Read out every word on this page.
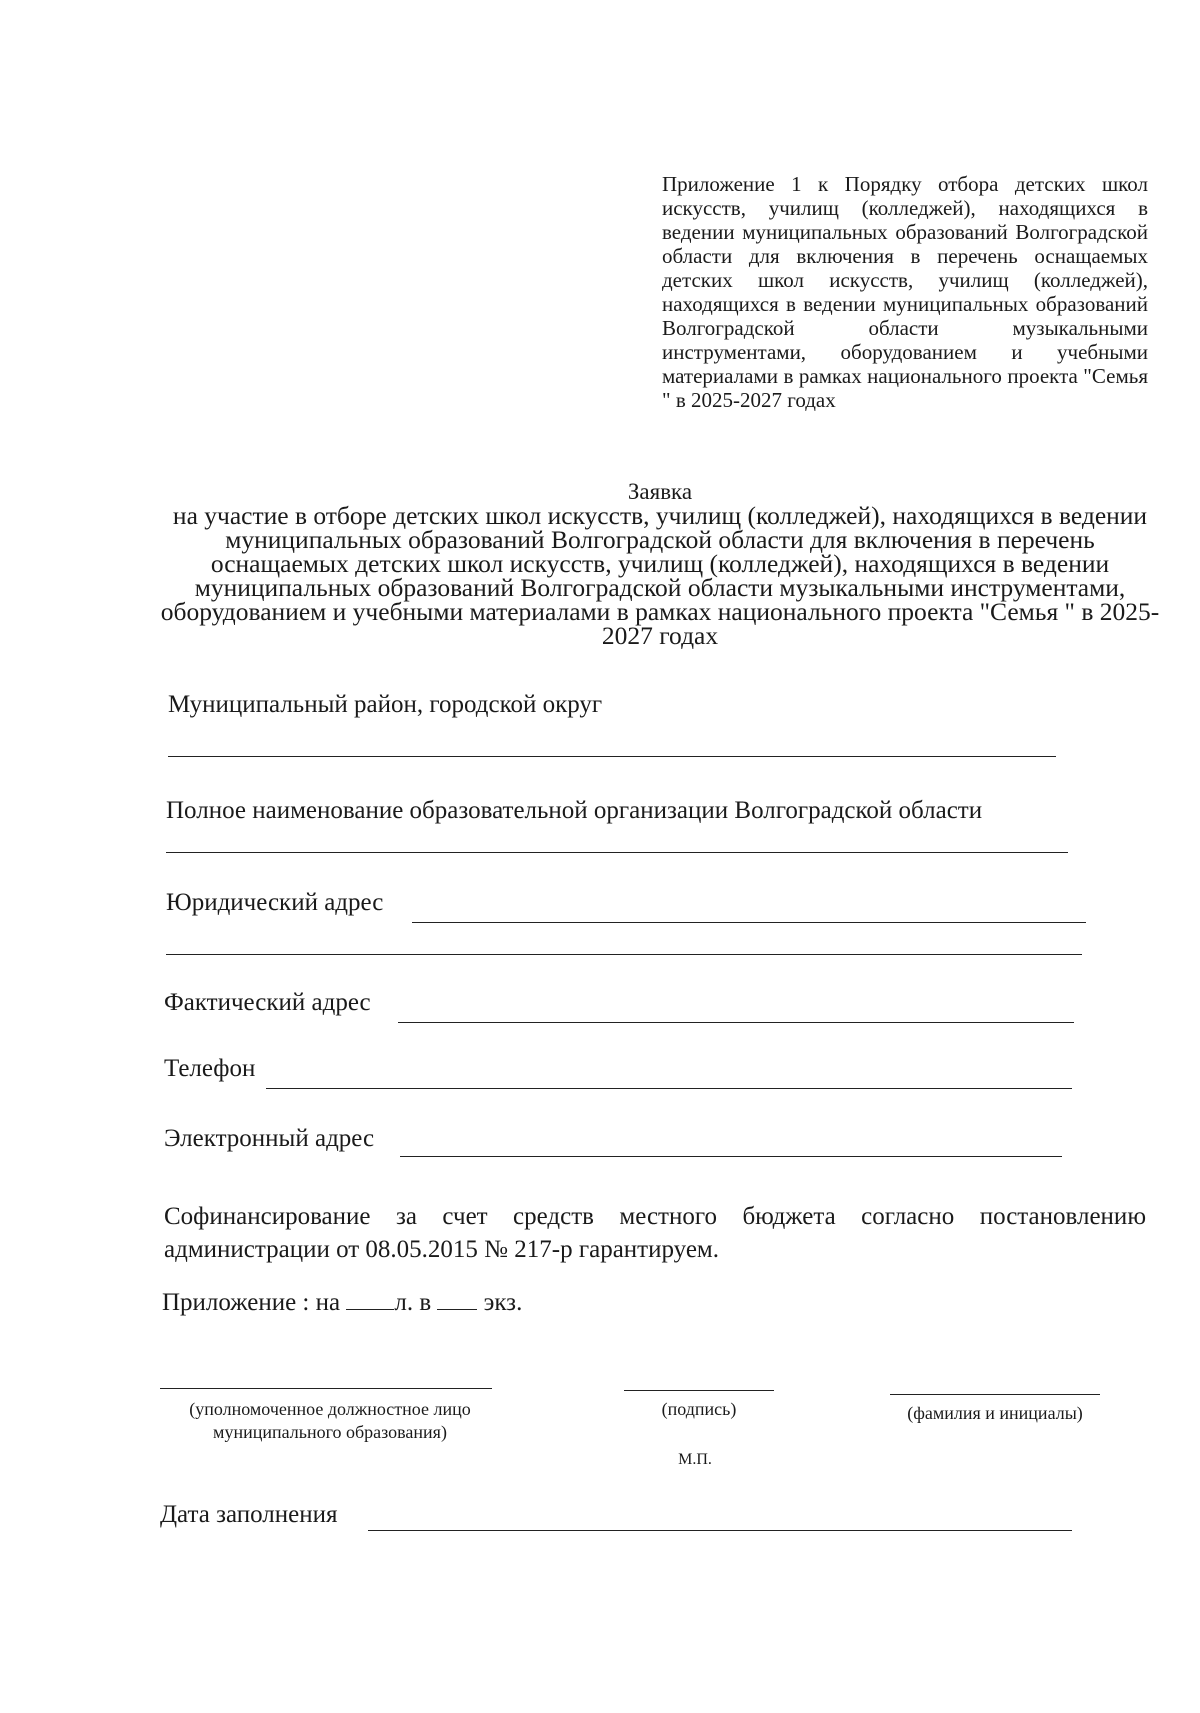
Приложение 1 к Порядку отбора детских школ искусств, училищ (колледжей), находящихся в ведении муниципальных образований Волгоградской области для включения в перечень оснащаемых детских школ искусств, училищ (колледжей), находящихся в ведении муниципальных образований Волгоградской области музыкальными инструментами, оборудованием и учебными материалами в рамках национального проекта "Семья " в 2025-2027 годах
Заявка
на участие в отборе детских школ искусств, училищ (колледжей), находящихся в ведении муниципальных образований Волгоградской области для включения в перечень оснащаемых детских школ искусств, училищ (колледжей), находящихся в ведении муниципальных образований Волгоградской области музыкальными инструментами, оборудованием и учебными материалами в рамках национального проекта "Семья " в 2025-2027 годах
Муниципальный район, городской округ
Полное наименование образовательной организации Волгоградской области
Юридический адрес
Фактический адрес
Телефон
Электронный адрес
Софинансирование за счет средств местного бюджета согласно постановлению администрации от 08.05.2015 № 217-р гарантируем.
Приложение : на л. в экз.
(уполномоченное должностное лицо
муниципального образования)
(подпись)	(фамилия и инициалы)
М.П.
Дата заполнения
